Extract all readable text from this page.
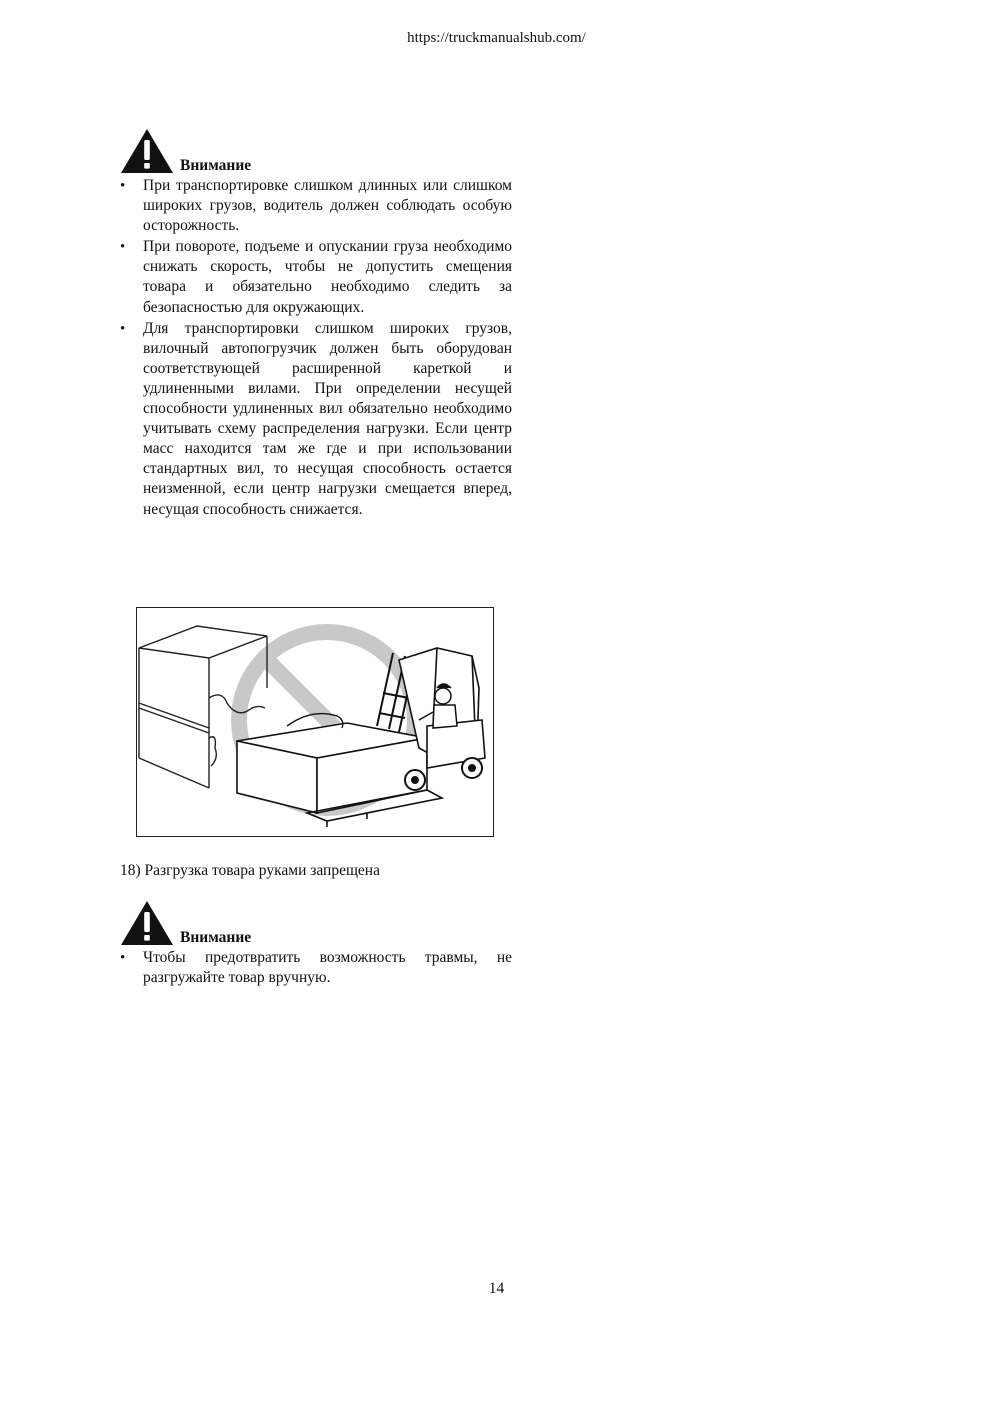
https://truckmanualshub.com/
Внимание
• При транспортировке слишком длинных или слишком широких грузов, водитель должен соблюдать особую осторожность.
• При повороте, подъеме и опускании груза необходимо снижать скорость, чтобы не допустить смещения товара и обязательно необходимо следить за безопасностью для окружающих.
• Для транспортировки слишком широких грузов, вилочный автопогрузчик должен быть оборудован соответствующей расширенной кареткой и удлиненными вилами. При определении несущей способности удлиненных вил обязательно необходимо учитывать схему распределения нагрузки. Если центр масс находится там же где и при использовании стандартных вил, то несущая способность остается неизменной, если центр нагрузки смещается вперед, несущая способность снижается.
18) Разгрузка товара руками запрещена
Внимание
• Чтобы предотвратить возможность травмы, не разгружайте товар вручную.
14
